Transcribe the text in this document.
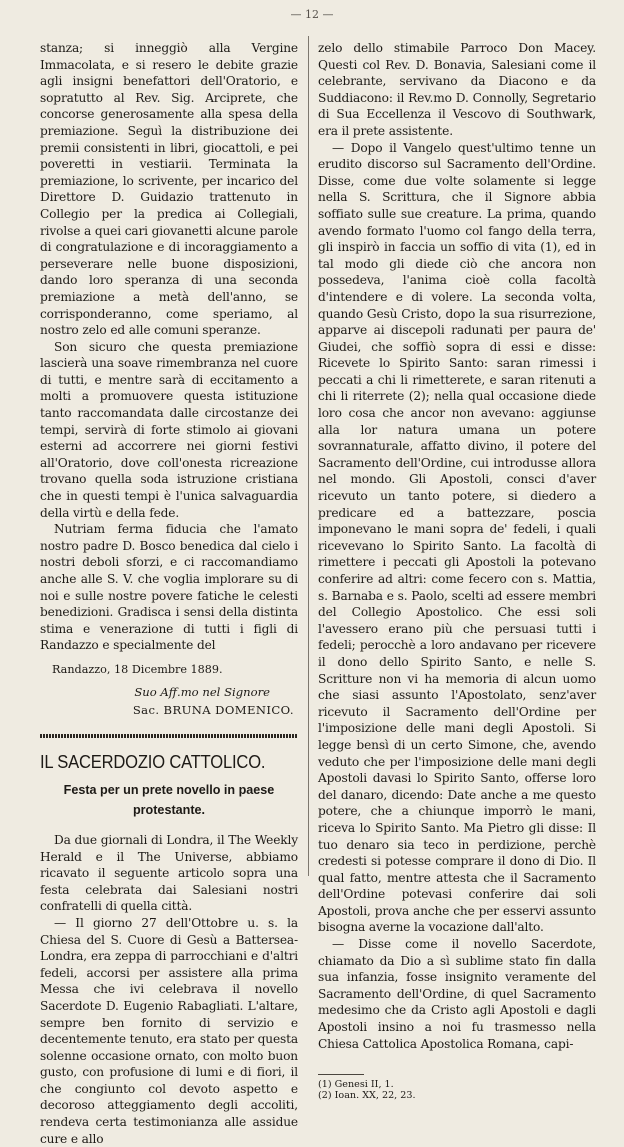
— 12 —

stanza; si inneggiò alla Vergine Immacolata, e si resero le debite grazie agli insigni benefattori dell'Oratorio, e sopratutto al Rev. Sig. Arciprete, che concorse generosamente alla spesa della premiazione. Seguì la distribuzione dei premii consistenti in libri, giocattoli, e pei poveretti in vestiarii. Terminata la premiazione, lo scrivente, per incarico del Direttore D. Guidazio trattenuto in Collegio per la predica ai Collegiali, rivolse a quei cari giovanetti alcune parole di congratulazione e di incoraggiamento a perseverare nelle buone disposizioni, dando loro speranza di una seconda premiazione a metà dell'anno, se corrisponderanno, come speriamo, al nostro zelo ed alle comuni speranze.

Son sicuro che questa premiazione lascierà una soave rimembranza nel cuore di tutti, e mentre sarà di eccitamento a molti a promuovere questa istituzione tanto raccomandata dalle circostanze dei tempi, servirà di forte stimolo ai giovani esterni ad accorrere nei giorni festivi all'Oratorio, dove coll'onesta ricreazione trovano quella soda istruzione cristiana che in questi tempi è l'unica salvaguardia della virtù e della fede.

Nutriam ferma fiducia che l'amato nostro padre D. Bosco benedica dal cielo i nostri deboli sforzi, e ci raccomandiamo anche alle S. V. che voglia implorare su di noi e sulle nostre povere fatiche le celesti benedizioni. Gradisca i sensi della distinta stima e venerazione di tutti i figli di Randazzo e specialmente del

Randazzo, 18 Dicembre 1889.

Suo Aff.mo nel Signore

Sac. BRUNA DOMENICO.

IL SACERDOZIO CATTOLICO.
Festa per un prete novello in paese
protestante.

Da due giornali di Londra, il The Weekly Herald e il The Universe, abbiamo ricavato il seguente articolo sopra una festa celebrata dai Salesiani nostri confratelli di quella città.

— Il giorno 27 dell'Ottobre u. s. la Chiesa del S. Cuore di Gesù a Battersea-Londra, era zeppa di parrocchiani e d'altri fedeli, accorsi per assistere alla prima Messa che ivi celebrava il novello Sacerdote D. Eugenio Rabagliati. L'altare, sempre ben fornito di servizio e decentemente tenuto, era stato per questa solenne occasione ornato, con molto buon gusto, con profusione di lumi e di fiori, il che congiunto col devoto aspetto e decoroso atteggiamento degli accoliti, rendeva certa testimonianza alle assidue cure e allo

zelo dello stimabile Parroco Don Macey. Questi col Rev. D. Bonavia, Salesiani come il celebrante, servivano da Diacono e da Suddiacono: il Rev.mo D. Connolly, Segretario di Sua Eccellenza il Vescovo di Southwark, era il prete assistente.

— Dopo il Vangelo quest'ultimo tenne un erudito discorso sul Sacramento dell'Ordine. Disse, come due volte solamente si legge nella S. Scrittura, che il Signore abbia soffiato sulle sue creature. La prima, quando avendo formato l'uomo col fango della terra, gli inspirò in faccia un soffio di vita (1), ed in tal modo gli diede ciò che ancora non possedeva, l'anima cioè colla facoltà d'intendere e di volere. La seconda volta, quando Gesù Cristo, dopo la sua risurrezione, apparve ai discepoli radunati per paura de' Giudei, che soffiò sopra di essi e disse: Ricevete lo Spirito Santo: saran rimessi i peccati a chi li rimetterete, e saran ritenuti a chi li riterrete (2); nella qual occasione diede loro cosa che ancor non avevano: aggiunse alla lor natura umana un potere sovrannaturale, affatto divino, il potere del Sacramento dell'Ordine, cui introdusse allora nel mondo. Gli Apostoli, consci d'aver ricevuto un tanto potere, si diedero a predicare ed a battezzare, poscia imponevano le mani sopra de' fedeli, i quali ricevevano lo Spirito Santo. La facoltà di rimettere i peccati gli Apostoli la potevano conferire ad altri: come fecero con s. Mattia, s. Barnaba e s. Paolo, scelti ad essere membri del Collegio Apostolico. Che essi soli l'avessero erano più che persuasi tutti i fedeli; perocchè a loro andavano per ricevere il dono dello Spirito Santo, e nelle S. Scritture non vi ha memoria di alcun uomo che siasi assunto l'Apostolato, senz'aver ricevuto il Sacramento dell'Ordine per l'imposizione delle mani degli Apostoli. Si legge bensì di un certo Simone, che, avendo veduto che per l'imposizione delle mani degli Apostoli davasi lo Spirito Santo, offerse loro del danaro, dicendo: Date anche a me questo potere, che a chiunque imporrò le mani, riceva lo Spirito Santo. Ma Pietro gli disse: Il tuo denaro sia teco in perdizione, perchè credesti si potesse comprare il dono di Dio. Il qual fatto, mentre attesta che il Sacramento dell'Ordine potevasi conferire dai soli Apostoli, prova anche che per esservi assunto bisogna averne la vocazione dall'alto.

— Disse come il novello Sacerdote, chiamato da Dio a sì sublime stato fin dalla sua infanzia, fosse insignito veramente del Sacramento dell'Ordine, di quel Sacramento medesimo che da Cristo agli Apostoli e dagli Apostoli insino a noi fu trasmesso nella Chiesa Cattolica Apostolica Romana, capi-

(1) Genesi II, 1.
(2) Ioan. XX, 22, 23.
